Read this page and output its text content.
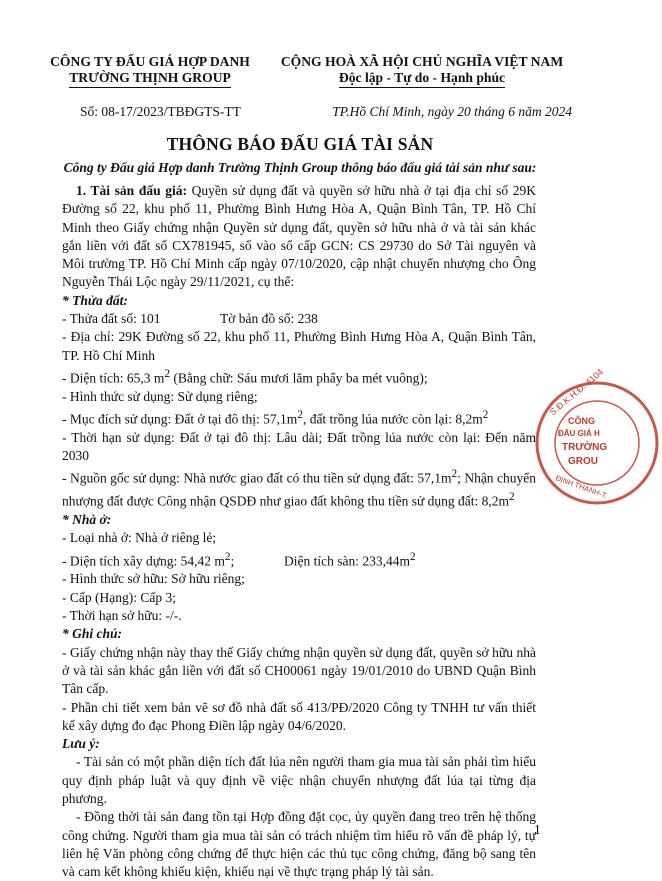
CÔNG TY ĐẤU GIÁ HỢP DANH
TRƯỜNG THỊNH GROUP
CỘNG HOÀ XÃ HỘI CHỦ NGHĨA VIỆT NAM
Độc lập - Tự do - Hạnh phúc
Số: 08-17/2023/TBĐGTS-TT	TP.Hồ Chí Minh, ngày 20 tháng 6 năm 2024
THÔNG BÁO ĐẤU GIÁ TÀI SẢN
Công ty Đấu giá Hợp danh Trường Thịnh Group thông báo đấu giá tài sản như sau:

1. Tài sản đấu giá: Quyền sử dụng đất và quyền sở hữu nhà ở tại địa chỉ số 29K Đường số 22, khu phố 11, Phường Bình Hưng Hòa A, Quận Bình Tân, TP. Hồ Chí Minh theo Giấy chứng nhận Quyền sử dụng đất, quyền sở hữu nhà ở và tài sản khác gắn liền với đất số CX781945, số vào sổ cấp GCN: CS 29730 do Sở Tài nguyên và Môi trường TP. Hồ Chí Minh cấp ngày 07/10/2020, cập nhật chuyển nhượng cho Ông Nguyễn Thái Lộc ngày 29/11/2021, cụ thể:

* Thửa đất:

- Thửa đất số: 101	Tờ bản đồ số: 238

- Địa chỉ: 29K Đường số 22, khu phố 11, Phường Bình Hưng Hòa A, Quận Bình Tân, TP. Hồ Chí Minh

- Diện tích: 65,3 $m^2$ (Bằng chữ: Sáu mươi lăm phẩy ba mét vuông);

- Hình thức sử dụng: Sử dụng riêng;

- Mục đích sử dụng: Đất ở tại đô thị: $57,1m^2$, đất trồng lúa nước còn lại: $8,2m^2$

- Thời hạn sử dụng: Đất ở tại đô thị: Lâu dài; Đất trồng lúa nước còn lại: Đến năm 2030

- Nguồn gốc sử dụng: Nhà nước giao đất có thu tiền sử dụng đất: $57,1m^2$; Nhận chuyển nhượng đất được Công nhận QSDĐ như giao đất không thu tiền sử dụng đất: $8,2m^2$

* Nhà ở:

- Loại nhà ở: Nhà ở riêng lẻ;

- Diện tích xây dựng: 54,42 $m^2$;	Diện tích sàn: $233,44m^2$

- Hình thức sở hữu: Sở hữu riêng;

- Cấp (Hạng): Cấp 3;

- Thời hạn sở hữu: -/-.

* Ghi chú:

- Giấy chứng nhận này thay thế Giấy chứng nhận quyền sử dụng đất, quyền sở hữu nhà ở và tài sản khác gắn liền với đất số CH00061 ngày 19/01/2010 do UBND Quận Bình Tân cấp.

- Phần chi tiết xem bản vẽ sơ đồ nhà đất số 413/PĐ/2020 Công ty TNHH tư vấn thiết kế xây dựng đo đạc Phong Điền lập ngày 04/6/2020.

Lưu ý:

- Tài sản có một phần diện tích đất lúa nên người tham gia mua tài sản phải tìm hiểu quy định pháp luật và quy định về việc nhận chuyển nhượng đất lúa tại từng địa phương.

- Đồng thời tài sản đang tồn tại Hợp đồng đặt cọc, ủy quyền đang treo trên hệ thống công chứng. Người tham gia mua tài sản có trách nhiệm tìm hiểu rõ vấn đề pháp lý, tự liên hệ Văn phòng công chứng để thực hiện các thủ tục công chứng, đăng bộ sang tên và cam kết không khiếu kiện, khiếu nại về thực trạng pháp lý tài sản.

S.Đ.K.H.Đ: 4104
CÔNG
ĐẤU GIÁ H
TRƯỜNG
GROU
ĐỊNH THANH-T.
1
